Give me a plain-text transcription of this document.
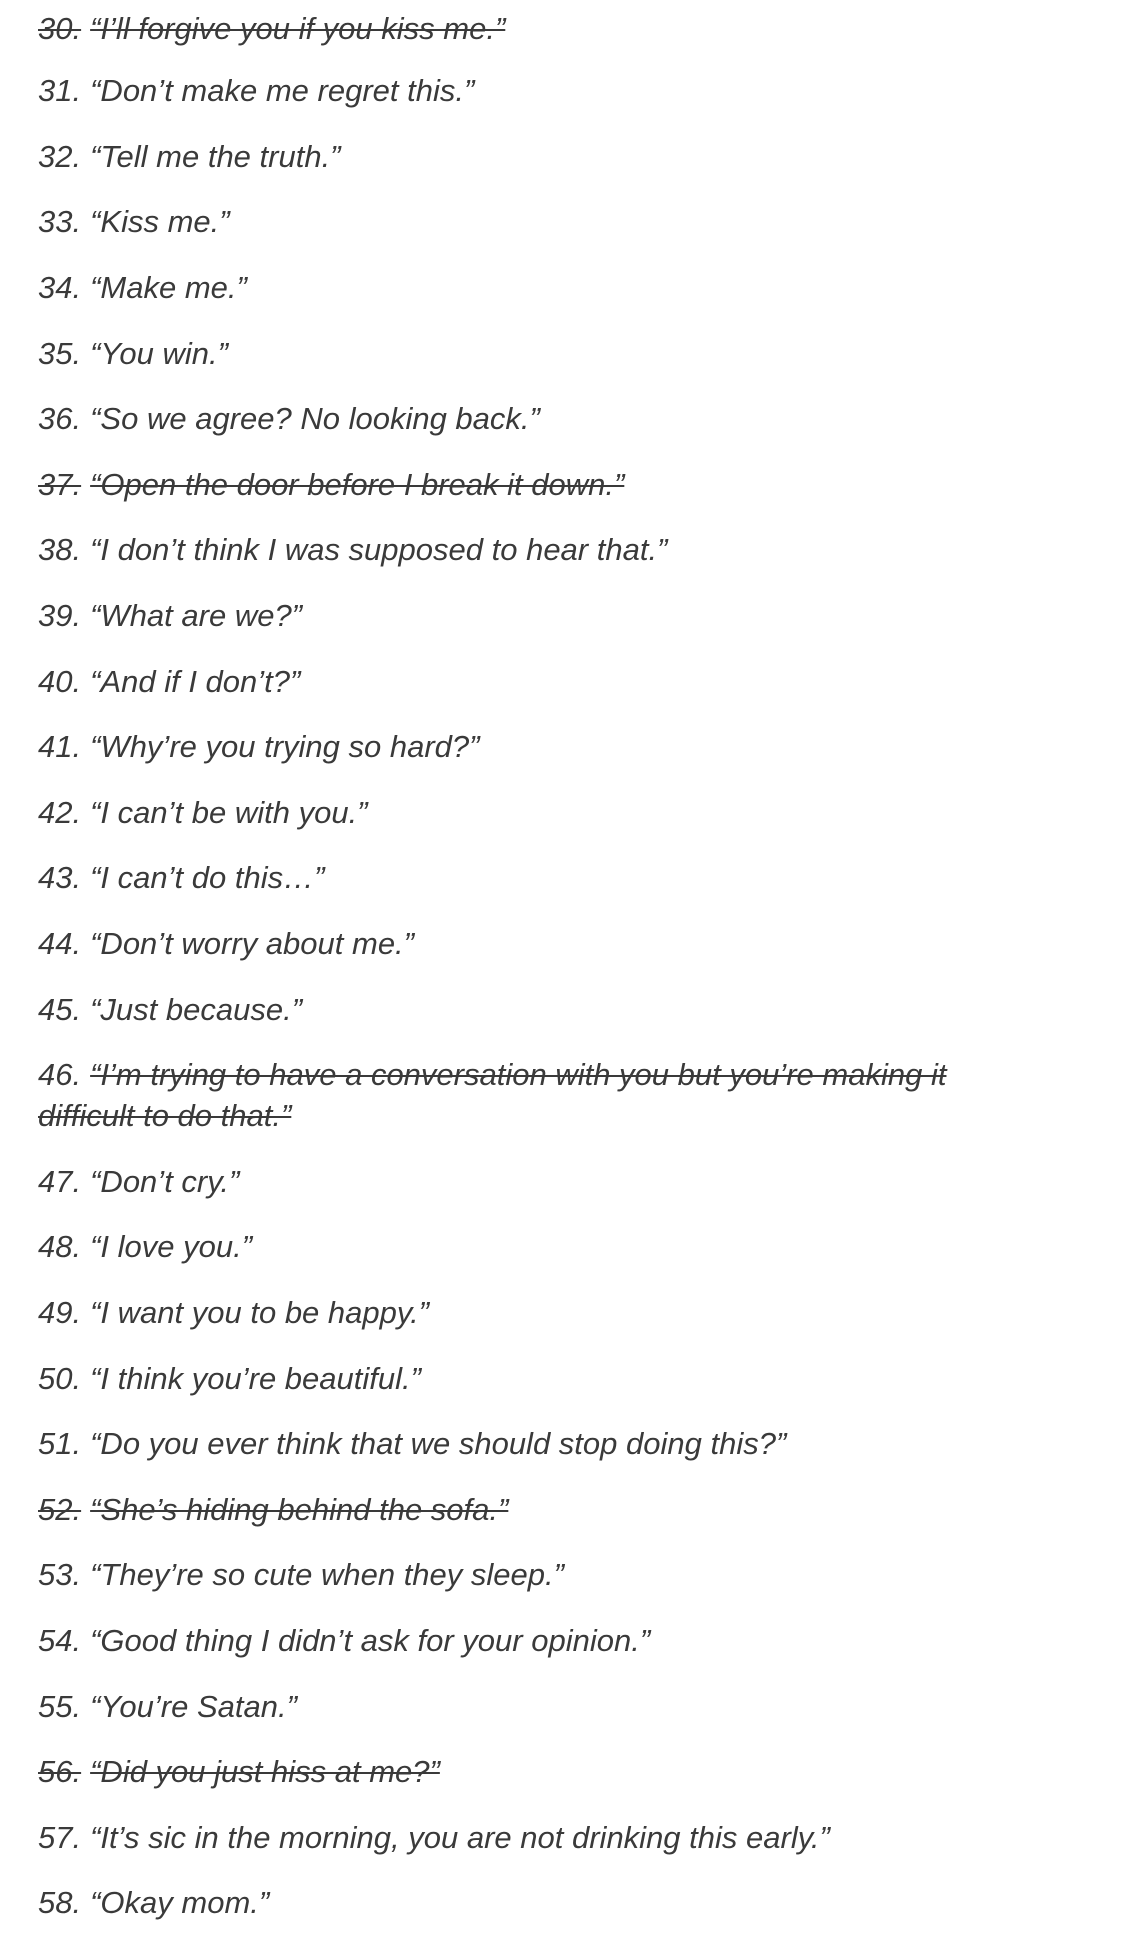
30. “I’ll forgive you if you kiss me.”
31. “Don’t make me regret this.”
32. “Tell me the truth.”
33. “Kiss me.”
34. “Make me.”
35. “You win.”
36. “So we agree? No looking back.”
37. “Open the door before I break it down.”
38. “I don’t think I was supposed to hear that.”
39. “What are we?”
40. “And if I don’t?”
41. “Why’re you trying so hard?”
42. “I can’t be with you.”
43. “I can’t do this…”
44. “Don’t worry about me.”
45. “Just because.”
46. “I’m trying to have a conversation with you but you’re making it difficult to do that.”
47. “Don’t cry.”
48. “I love you.”
49. “I want you to be happy.”
50. “I think you’re beautiful.”
51. “Do you ever think that we should stop doing this?”
52. “She’s hiding behind the sofa.”
53. “They’re so cute when they sleep.”
54. “Good thing I didn’t ask for your opinion.”
55. “You’re Satan.”
56. “Did you just hiss at me?”
57. “It’s sic in the morning, you are not drinking this early.”
58. “Okay mom.”
